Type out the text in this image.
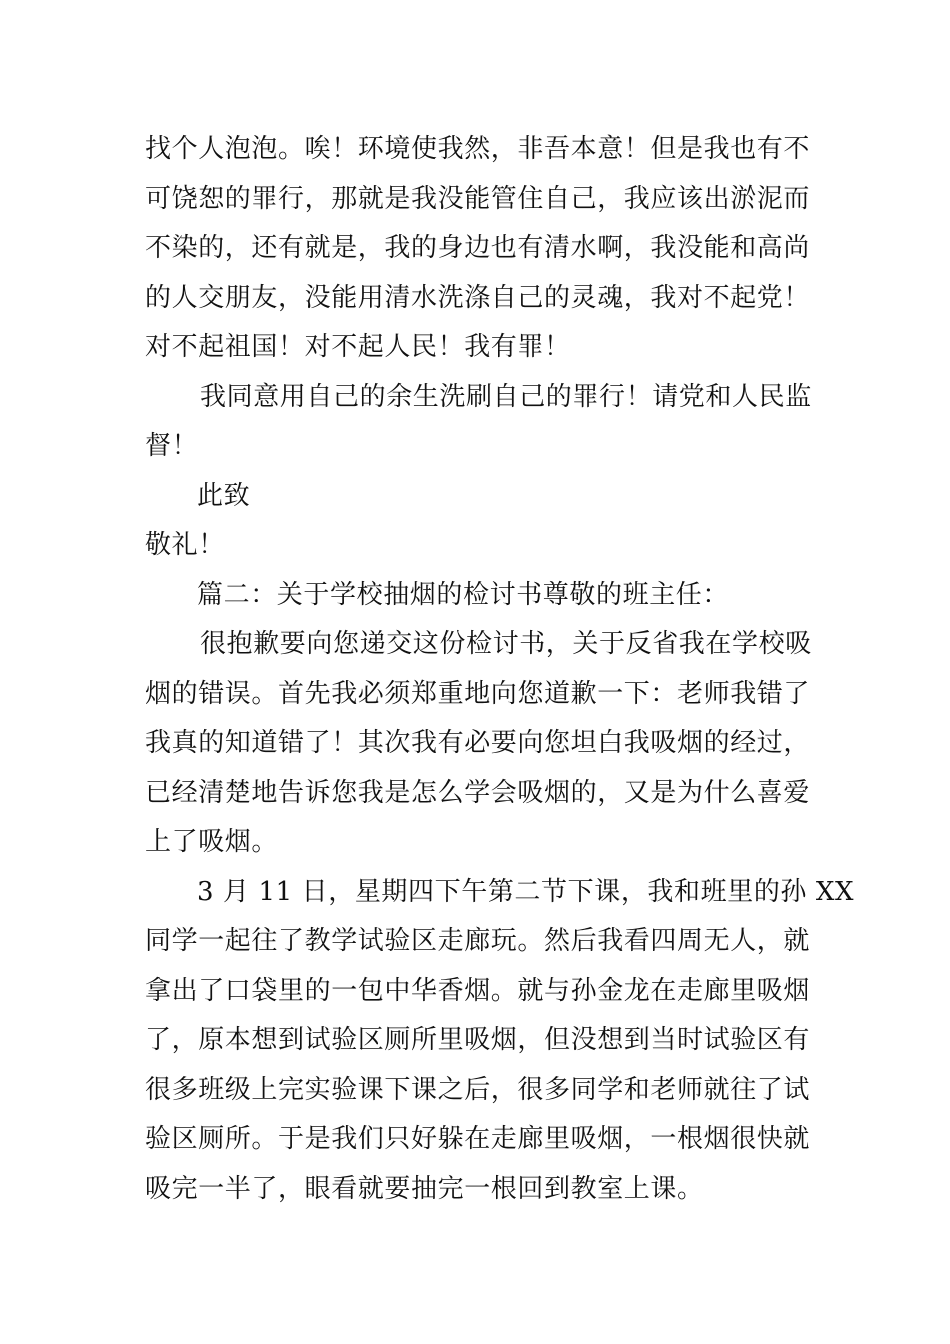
找个人泡泡。唉！环境使我然，非吾本意！但是我也有不
可饶恕的罪行，那就是我没能管住自己，我应该出淤泥而
不染的，还有就是，我的身边也有清水啊，我没能和高尚
的人交朋友，没能用清水洗涤自己的灵魂，我对不起党！
对不起祖国！对不起人民！我有罪！
我同意用自己的余生洗刷自己的罪行！请党和人民监
督！
此致
敬礼！
篇二：关于学校抽烟的检讨书尊敬的班主任：
很抱歉要向您递交这份检讨书，关于反省我在学校吸
烟的错误。首先我必须郑重地向您道歉一下：老师我错了
我真的知道错了！其次我有必要向您坦白我吸烟的经过，
已经清楚地告诉您我是怎么学会吸烟的，又是为什么喜爱
上了吸烟。
3 月 11 日，星期四下午第二节下课，我和班里的孙 XX
同学一起往了教学试验区走廊玩。然后我看四周无人，就
拿出了口袋里的一包中华香烟。就与孙金龙在走廊里吸烟
了，原本想到试验区厕所里吸烟，但没想到当时试验区有
很多班级上完实验课下课之后，很多同学和老师就往了试
验区厕所。于是我们只好躲在走廊里吸烟，一根烟很快就
吸完一半了，眼看就要抽完一根回到教室上课。
